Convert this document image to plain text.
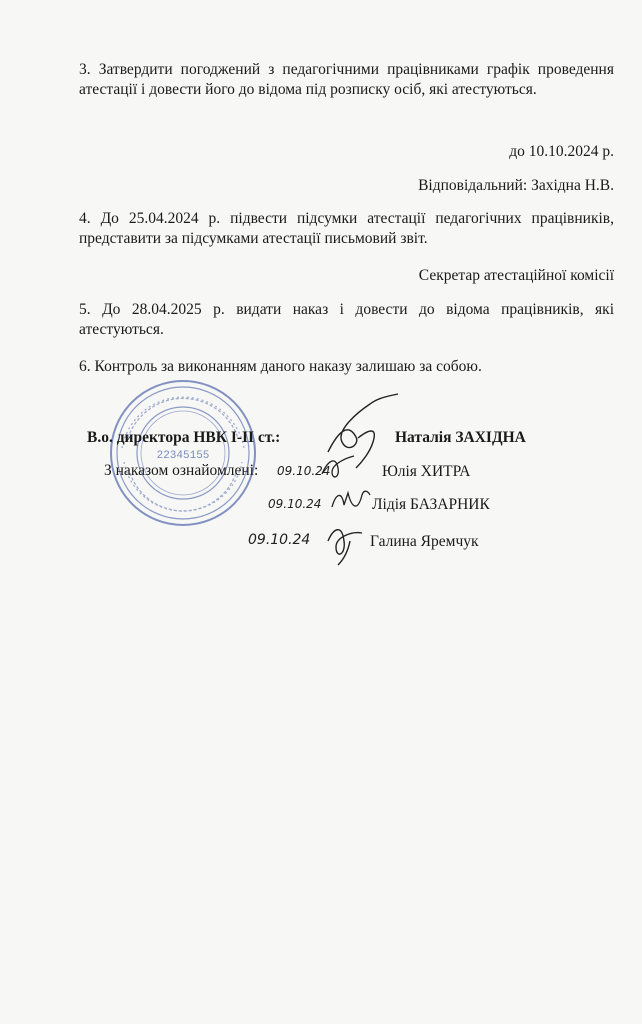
3. Затвердити погоджений з педагогічними працівниками графік проведення атестації і довести його до відома під розписку осіб, які атестуються.
до 10.10.2024 р.
Відповідальний: Західна Н.В.
4. До 25.04.2024 р. підвести підсумки атестації педагогічних працівників, представити за підсумками атестації письмовий звіт.
Секретар атестаційної комісії
5. До 28.04.2025 р. видати наказ і довести до відома працівників, які атестуються.
6. Контроль за виконанням даного наказу залишаю за собою.
22345155
В.о. директора НВК І-ІІ ст.:	Наталія ЗАХІДНА
З наказом ознайомлені: 09.10.24	Юлія ХИТРА
09.10.24	Лідія БАЗАРНИК
09.10.24	Галина Яремчук
